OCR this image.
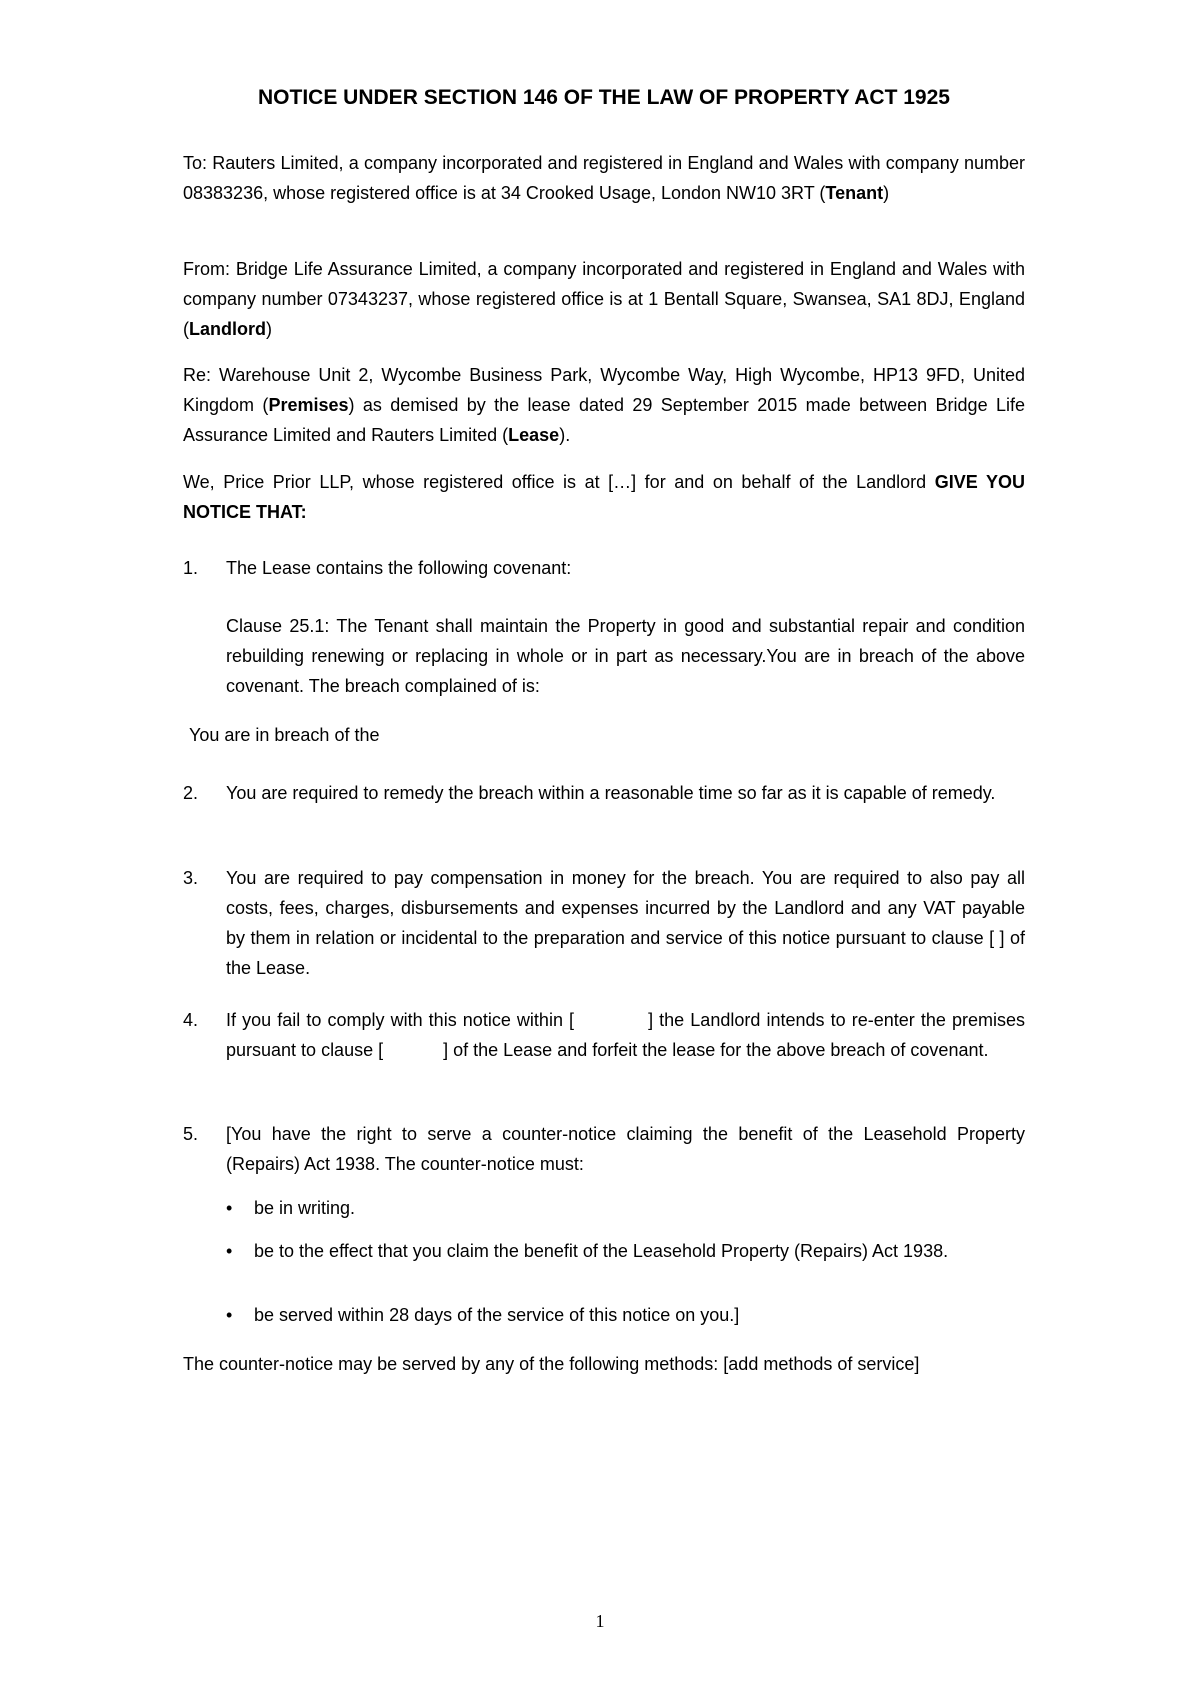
NOTICE UNDER SECTION 146 OF THE LAW OF PROPERTY ACT 1925

To: Rauters Limited, a company incorporated and registered in England and Wales with company number 08383236, whose registered office is at 34 Crooked Usage, London NW10 3RT (Tenant)

From: Bridge Life Assurance Limited, a company incorporated and registered in England and Wales with company number 07343237, whose registered office is at 1 Bentall Square, Swansea, SA1 8DJ, England (Landlord)

Re: Warehouse Unit 2, Wycombe Business Park, Wycombe Way, High Wycombe, HP13 9FD, United Kingdom (Premises) as demised by the lease dated 29 September 2015 made between Bridge Life Assurance Limited and Rauters Limited (Lease).

We, Price Prior LLP, whose registered office is at […] for and on behalf of the Landlord GIVE YOU NOTICE THAT:

1.	The Lease contains the following covenant:

Clause 25.1: The Tenant shall maintain the Property in good and substantial repair and condition rebuilding renewing or replacing in whole or in part as necessary.You are in breach of the above covenant. The breach complained of is:

You are in breach of the

2.	You are required to remedy the breach within a reasonable time so far as it is capable of remedy.

3.	You are required to pay compensation in money for the breach. You are required to also pay all costs, fees, charges, disbursements and expenses incurred by the Landlord and any VAT payable by them in relation or incidental to the preparation and service of this notice pursuant to clause [ ] of the Lease.

4.	If you fail to comply with this notice within [	] the Landlord intends to re-enter the premises pursuant to clause [	] of the Lease and forfeit the lease for the above breach of covenant.

5.	[You have the right to serve a counter-notice claiming the benefit of the Leasehold Property (Repairs) Act 1938. The counter-notice must:

• be in writing.

• be to the effect that you claim the benefit of the Leasehold Property (Repairs) Act 1938.

• be served within 28 days of the service of this notice on you.]

The counter-notice may be served by any of the following methods: [add methods of service]

1
